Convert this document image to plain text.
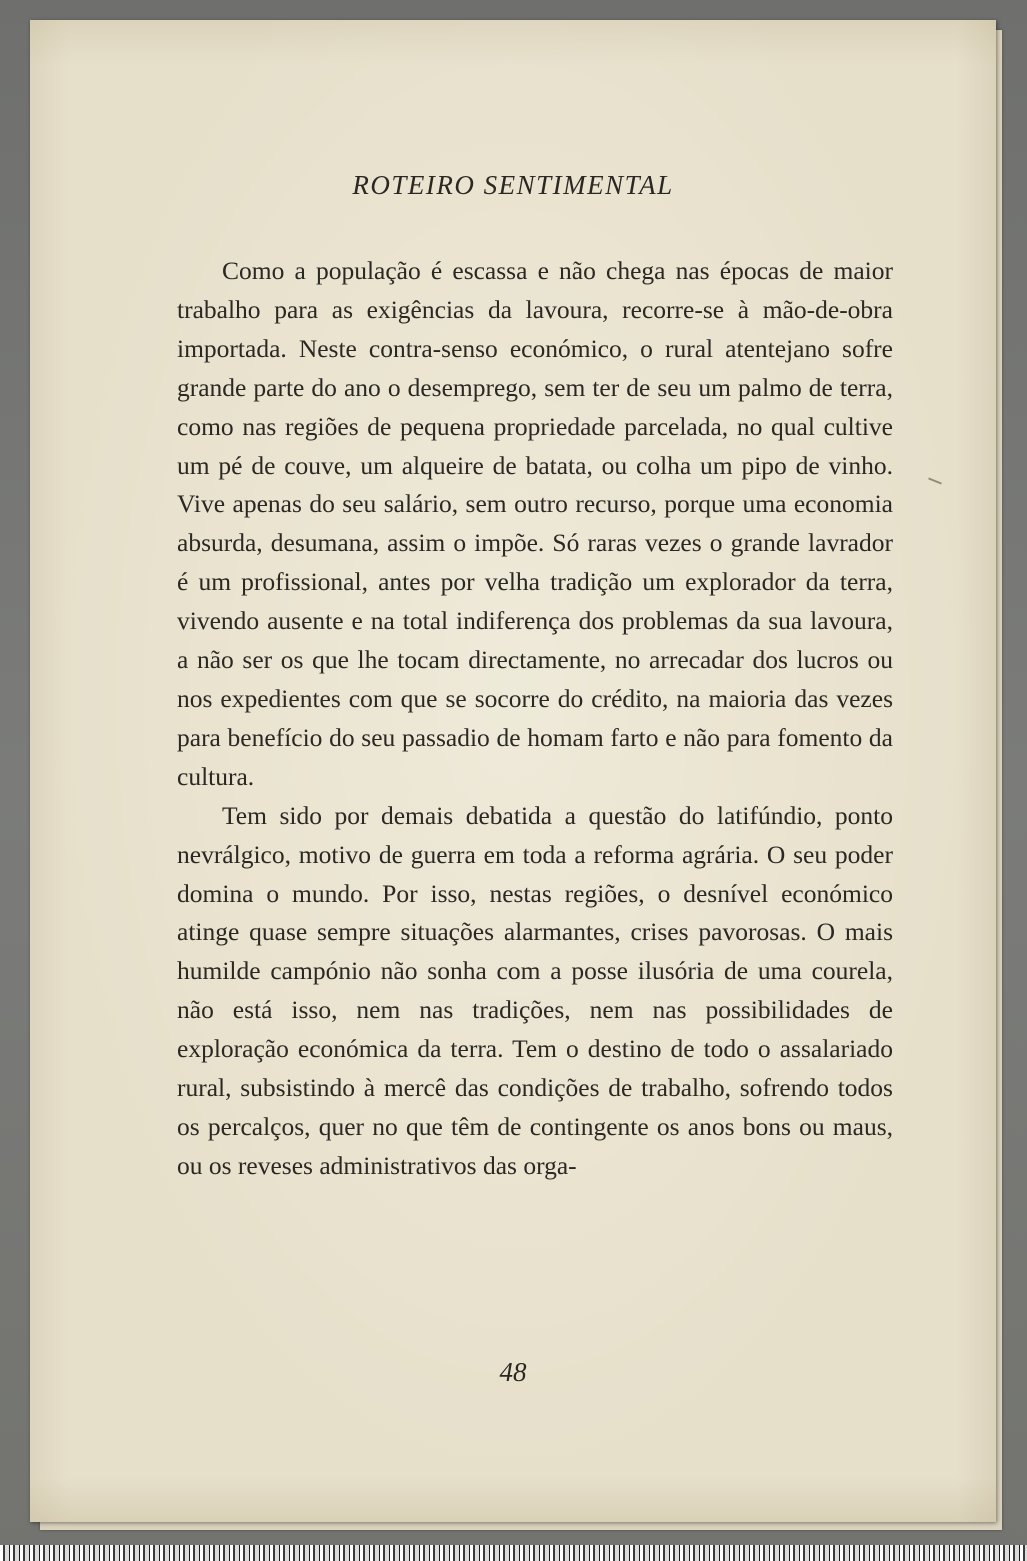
ROTEIRO SENTIMENTAL

Como a população é escassa e não chega nas épocas de maior trabalho para as exigências da lavoura, recorre-se à mão-de-obra importada. Neste contra-senso económico, o rural atentejano sofre grande parte do ano o desemprego, sem ter de seu um palmo de terra, como nas regiões de pequena propriedade parcelada, no qual cultive um pé de couve, um alqueire de batata, ou colha um pipo de vinho. Vive apenas do seu salário, sem outro recurso, porque uma economia absurda, desumana, assim o impõe. Só raras vezes o grande lavrador é um profissional, antes por velha tradição um explorador da terra, vivendo ausente e na total indiferença dos problemas da sua lavoura, a não ser os que lhe tocam directamente, no arrecadar dos lucros ou nos expedientes com que se socorre do crédito, na maioria das vezes para benefício do seu passadio de homam farto e não para fomento da cultura.

Tem sido por demais debatida a questão do latifúndio, ponto nevrálgico, motivo de guerra em toda a reforma agrária. O seu poder domina o mundo. Por isso, nestas regiões, o desnível económico atinge quase sempre situações alarmantes, crises pavorosas. O mais humilde campónio não sonha com a posse ilusória de uma courela, não está isso, nem nas tradições, nem nas possibilidades de exploração económica da terra. Tem o destino de todo o assalariado rural, subsistindo à mercê das condições de trabalho, sofrendo todos os percalços, quer no que têm de contingente os anos bons ou maus, ou os reveses administrativos das orga-

48
